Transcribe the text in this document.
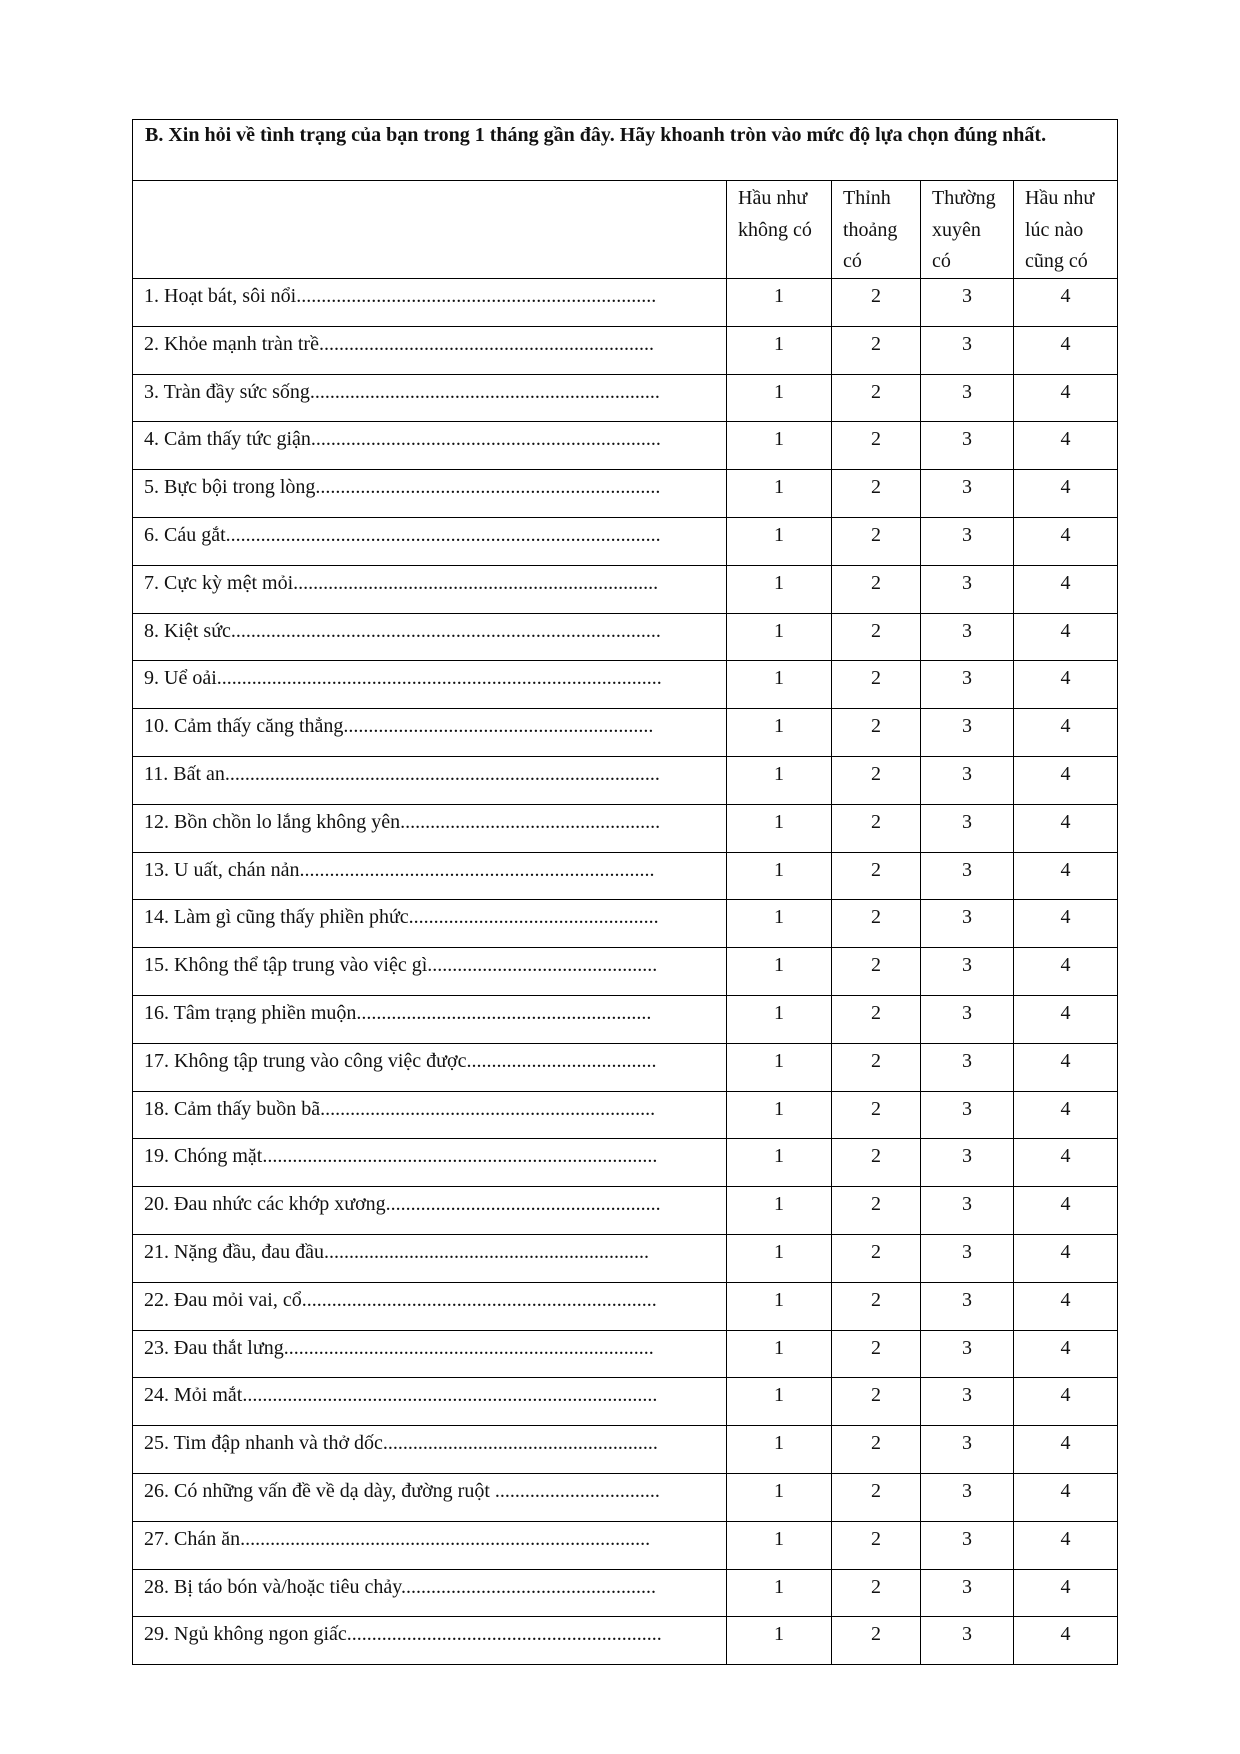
B. Xin hỏi về tình trạng của bạn trong 1 tháng gần đây. Hãy khoanh tròn vào mức độ lựa chọn đúng nhất.				
	Hầu như không có	Thỉnh thoảng có	Thường xuyên có	Hầu như lúc nào cũng có
1. Hoạt bát, sôi nổi........................................................................	1	2	3	4
2. Khỏe mạnh tràn trề...................................................................	1	2	3	4
3. Tràn đầy sức sống......................................................................	1	2	3	4
4. Cảm thấy tức giận......................................................................	1	2	3	4
5. Bực bội trong lòng.....................................................................	1	2	3	4
6. Cáu gắt.......................................................................................	1	2	3	4
7. Cực kỳ mệt mỏi.........................................................................	1	2	3	4
8. Kiệt sức......................................................................................	1	2	3	4
9. Uể oải.........................................................................................	1	2	3	4
10. Cảm thấy căng thẳng..............................................................	1	2	3	4
11. Bất an.......................................................................................	1	2	3	4
12. Bồn chồn lo lắng không yên....................................................	1	2	3	4
13. U uất, chán nản.......................................................................	1	2	3	4
14. Làm gì cũng thấy phiền phức..................................................	1	2	3	4
15. Không thể tập trung vào việc gì..............................................	1	2	3	4
16. Tâm trạng phiền muộn...........................................................	1	2	3	4
17. Không tập trung vào công việc được......................................	1	2	3	4
18. Cảm thấy buồn bã...................................................................	1	2	3	4
19. Chóng mặt...............................................................................	1	2	3	4
20. Đau nhức các khớp xương.......................................................	1	2	3	4
21. Nặng đầu, đau đầu.................................................................	1	2	3	4
22. Đau mỏi vai, cổ.......................................................................	1	2	3	4
23. Đau thắt lưng..........................................................................	1	2	3	4
24. Mỏi mắt...................................................................................	1	2	3	4
25. Tim đập nhanh và thở dốc.......................................................	1	2	3	4
26. Có những vấn đề về dạ dày, đường ruột .................................	1	2	3	4
27. Chán ăn..................................................................................	1	2	3	4
28. Bị táo bón và/hoặc tiêu chảy...................................................	1	2	3	4
29. Ngủ không ngon giấc...............................................................	1	2	3	4
